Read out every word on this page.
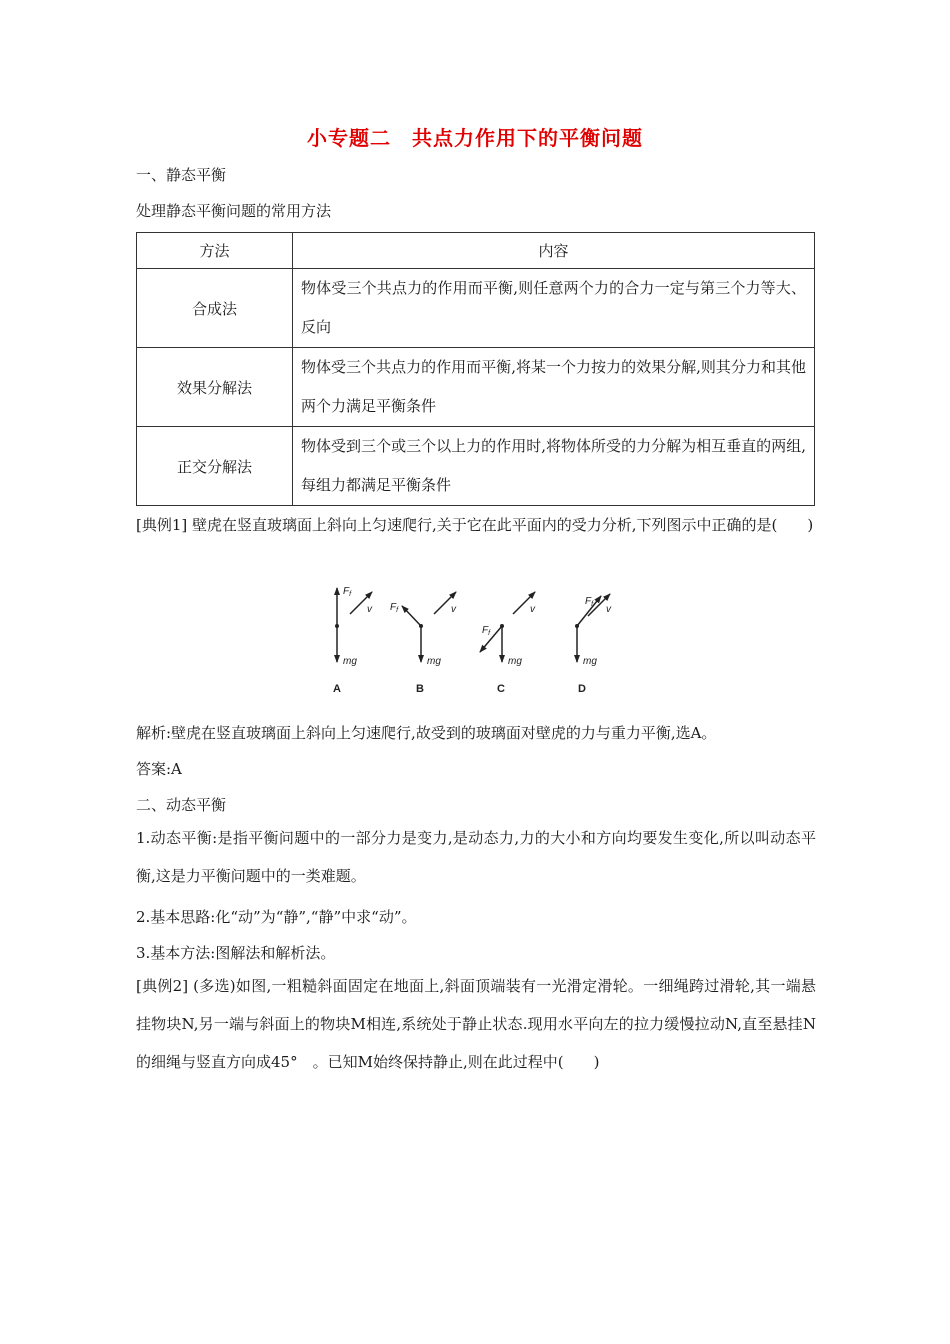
小专题二　共点力作用下的平衡问题
一、静态平衡
处理静态平衡问题的常用方法
方法	内容
合成法	物体受三个共点力的作用而平衡,则任意两个力的合力一定与第三个力等大、反向
效果分解法	物体受三个共点力的作用而平衡,将某一个力按力的效果分解,则其分力和其他两个力满足平衡条件
正交分解法	物体受到三个或三个以上力的作用时,将物体所受的力分解为相互垂直的两组,每组力都满足平衡条件
[典例1] 壁虎在竖直玻璃面上斜向上匀速爬行,关于它在此平面内的受力分析,下列图示中正确的是(　　)
$F_f$
v
mg
$F_f$	v
mg
$F_f$
v
mg
$F_f$ v
mg
A	B	C	D
解析:壁虎在竖直玻璃面上斜向上匀速爬行,故受到的玻璃面对壁虎的力与重力平衡,选A。
答案:A
二、动态平衡
1.动态平衡:是指平衡问题中的一部分力是变力,是动态力,力的大小和方向均要发生变化,所以叫动态平衡,这是力平衡问题中的一类难题。
2.基本思路:化“动”为“静”,“静”中求“动”。
3.基本方法:图解法和解析法。
[典例2] (多选)如图,一粗糙斜面固定在地面上,斜面顶端装有一光滑定滑轮。一细绳跨过滑轮,其一端悬挂物块N,另一端与斜面上的物块M相连,系统处于静止状态.现用水平向左的拉力缓慢拉动N,直至悬挂N的细绳与竖直方向成45°　。已知M始终保持静止,则在此过程中(　　)
